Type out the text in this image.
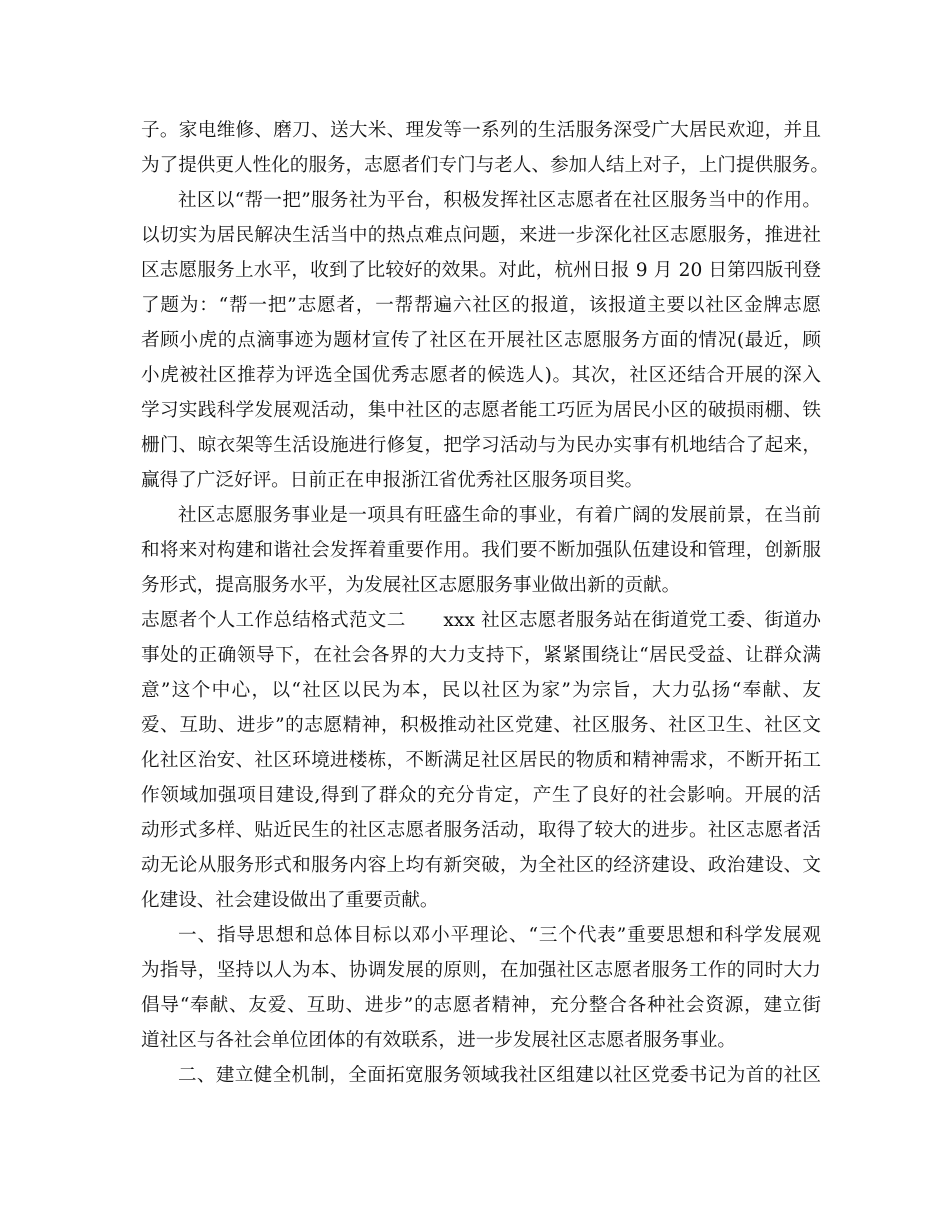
子。家电维修、磨刀、送大米、理发等一系列的生活服务深受广大居民欢迎，并且
为了提供更人性化的服务，志愿者们专门与老人、参加人结上对子，上门提供服务。
社区以“帮一把”服务社为平台，积极发挥社区志愿者在社区服务当中的作用。
以切实为居民解决生活当中的热点难点问题，来进一步深化社区志愿服务，推进社
区志愿服务上水平，收到了比较好的效果。对此，杭州日报 9 月 20 日第四版刊登
了题为：“帮一把”志愿者，一帮帮遍六社区的报道，该报道主要以社区金牌志愿
者顾小虎的点滴事迹为题材宣传了社区在开展社区志愿服务方面的情况(最近，顾
小虎被社区推荐为评选全国优秀志愿者的候选人)。其次，社区还结合开展的深入
学习实践科学发展观活动，集中社区的志愿者能工巧匠为居民小区的破损雨棚、铁
栅门、晾衣架等生活设施进行修复，把学习活动与为民办实事有机地结合了起来，
赢得了广泛好评。日前正在申报浙江省优秀社区服务项目奖。
社区志愿服务事业是一项具有旺盛生命的事业，有着广阔的发展前景，在当前
和将来对构建和谐社会发挥着重要作用。我们要不断加强队伍建设和管理，创新服
务形式，提高服务水平，为发展社区志愿服务事业做出新的贡献。
志愿者个人工作总结格式范文二　　xxx 社区志愿者服务站在街道党工委、街道办
事处的正确领导下，在社会各界的大力支持下，紧紧围绕让“居民受益、让群众满
意”这个中心，以“社区以民为本，民以社区为家”为宗旨，大力弘扬“奉献、友
爱、互助、进步”的志愿精神，积极推动社区党建、社区服务、社区卫生、社区文
化社区治安、社区环境进楼栋，不断满足社区居民的物质和精神需求，不断开拓工
作领域加强项目建设,得到了群众的充分肯定，产生了良好的社会影响。开展的活
动形式多样、贴近民生的社区志愿者服务活动，取得了较大的进步。社区志愿者活
动无论从服务形式和服务内容上均有新突破，为全社区的经济建设、政治建设、文
化建设、社会建设做出了重要贡献。
一、指导思想和总体目标以邓小平理论、“三个代表”重要思想和科学发展观
为指导，坚持以人为本、协调发展的原则，在加强社区志愿者服务工作的同时大力
倡导“奉献、友爱、互助、进步”的志愿者精神，充分整合各种社会资源，建立街
道社区与各社会单位团体的有效联系，进一步发展社区志愿者服务事业。
二、建立健全机制，全面拓宽服务领域我社区组建以社区党委书记为首的社区
